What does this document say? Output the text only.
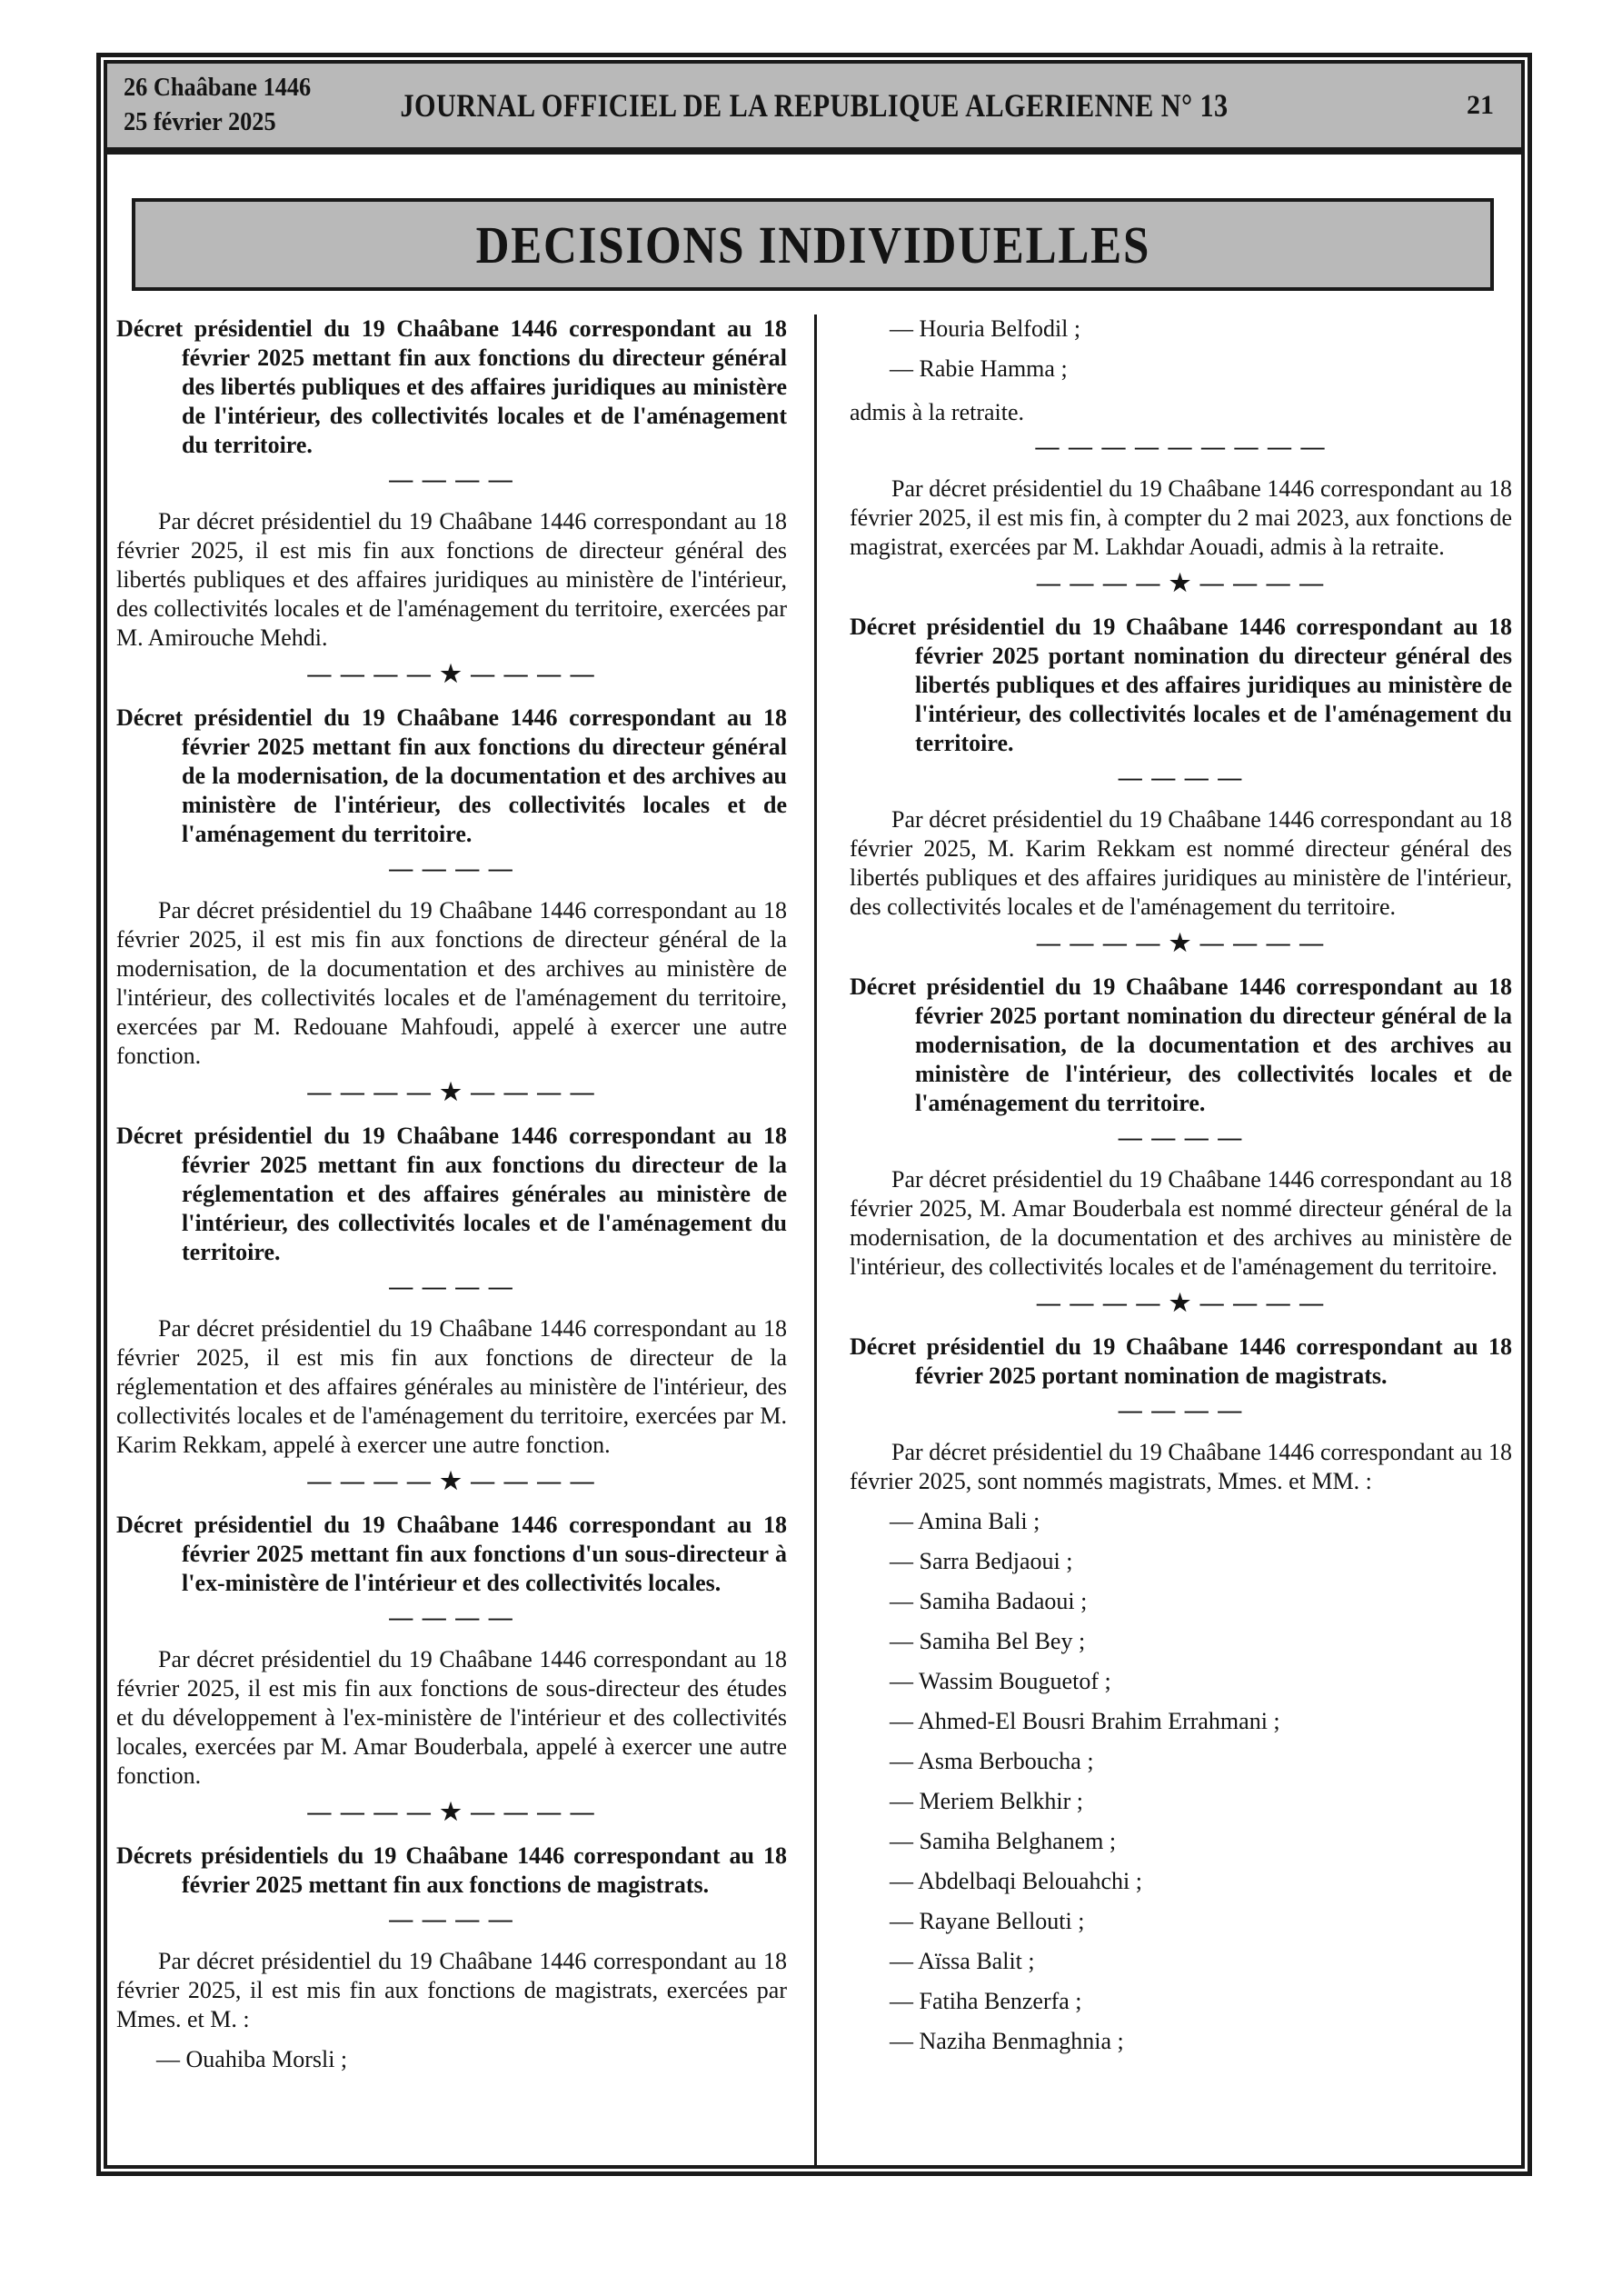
26 Chaâbane 1446
25 février 2025	JOURNAL OFFICIEL DE LA REPUBLIQUE ALGERIENNE N° 13	21
DECISIONS INDIVIDUELLES

Décret présidentiel du 19 Chaâbane 1446 correspondant au 18 février 2025 mettant fin aux fonctions du directeur général des libertés publiques et des affaires juridiques au ministère de l'intérieur, des collectivités locales et de l'aménagement du territoire.

— — — —

Par décret présidentiel du 19 Chaâbane 1446 correspondant au 18 février 2025, il est mis fin aux fonctions de directeur général des libertés publiques et des affaires juridiques au ministère de l'intérieur, des collectivités locales et de l'aménagement du territoire, exercées par M. Amirouche Mehdi.

— — — — ★ — — — —

Décret présidentiel du 19 Chaâbane 1446 correspondant au 18 février 2025 mettant fin aux fonctions du directeur général de la modernisation, de la documentation et des archives au ministère de l'intérieur, des collectivités locales et de l'aménagement du territoire.

— — — —

Par décret présidentiel du 19 Chaâbane 1446 correspondant au 18 février 2025, il est mis fin aux fonctions de directeur général de la modernisation, de la documentation et des archives au ministère de l'intérieur, des collectivités locales et de l'aménagement du territoire, exercées par M. Redouane Mahfoudi, appelé à exercer une autre fonction.

— — — — ★ — — — —

Décret présidentiel du 19 Chaâbane 1446 correspondant au 18 février 2025 mettant fin aux fonctions du directeur de la réglementation et des affaires générales au ministère de l'intérieur, des collectivités locales et de l'aménagement du territoire.

— — — —

Par décret présidentiel du 19 Chaâbane 1446 correspondant au 18 février 2025, il est mis fin aux fonctions de directeur de la réglementation et des affaires générales au ministère de l'intérieur, des collectivités locales et de l'aménagement du territoire, exercées par M. Karim Rekkam, appelé à exercer une autre fonction.

— — — — ★ — — — —

Décret présidentiel du 19 Chaâbane 1446 correspondant au 18 février 2025 mettant fin aux fonctions d'un sous-directeur à l'ex-ministère de l'intérieur et des collectivités locales.

— — — —

Par décret présidentiel du 19 Chaâbane 1446 correspondant au 18 février 2025, il est mis fin aux fonctions de sous-directeur des études et du développement à l'ex-ministère de l'intérieur et des collectivités locales, exercées par M. Amar Bouderbala, appelé à exercer une autre fonction.

— — — — ★ — — — —

Décrets présidentiels du 19 Chaâbane 1446 correspondant au 18 février 2025 mettant fin aux fonctions de magistrats.

— — — —

Par décret présidentiel du 19 Chaâbane 1446 correspondant au 18 février 2025, il est mis fin aux fonctions de magistrats, exercées par Mmes. et M. :

— Ouahiba Morsli ;

— Houria Belfodil ;

— Rabie Hamma ;

admis à la retraite.

— — — — — — — — —

Par décret présidentiel du 19 Chaâbane 1446 correspondant au 18 février 2025, il est mis fin, à compter du 2 mai 2023, aux fonctions de magistrat, exercées par M. Lakhdar Aouadi, admis à la retraite.

— — — — ★ — — — —

Décret présidentiel du 19 Chaâbane 1446 correspondant au 18 février 2025 portant nomination du directeur général des libertés publiques et des affaires juridiques au ministère de l'intérieur, des collectivités locales et de l'aménagement du territoire.

— — — —

Par décret présidentiel du 19 Chaâbane 1446 correspondant au 18 février 2025, M. Karim Rekkam est nommé directeur général des libertés publiques et des affaires juridiques au ministère de l'intérieur, des collectivités locales et de l'aménagement du territoire.

— — — — ★ — — — —

Décret présidentiel du 19 Chaâbane 1446 correspondant au 18 février 2025 portant nomination du directeur général de la modernisation, de la documentation et des archives au ministère de l'intérieur, des collectivités locales et de l'aménagement du territoire.

— — — —

Par décret présidentiel du 19 Chaâbane 1446 correspondant au 18 février 2025, M. Amar Bouderbala est nommé directeur général de la modernisation, de la documentation et des archives au ministère de l'intérieur, des collectivités locales et de l'aménagement du territoire.

— — — — ★ — — — —

Décret présidentiel du 19 Chaâbane 1446 correspondant au 18 février 2025 portant nomination de magistrats.

— — — —

Par décret présidentiel du 19 Chaâbane 1446 correspondant au 18 février 2025, sont nommés magistrats, Mmes. et MM. :

— Amina Bali ;

— Sarra Bedjaoui ;

— Samiha Badaoui ;

— Samiha Bel Bey ;

— Wassim Bouguetof ;

— Ahmed-El Bousri Brahim Errahmani ;

— Asma Berboucha ;

— Meriem Belkhir ;

— Samiha Belghanem ;

— Abdelbaqi Belouahchi ;

— Rayane Bellouti ;

— Aïssa Balit ;

— Fatiha Benzerfa ;

— Naziha Benmaghnia ;
